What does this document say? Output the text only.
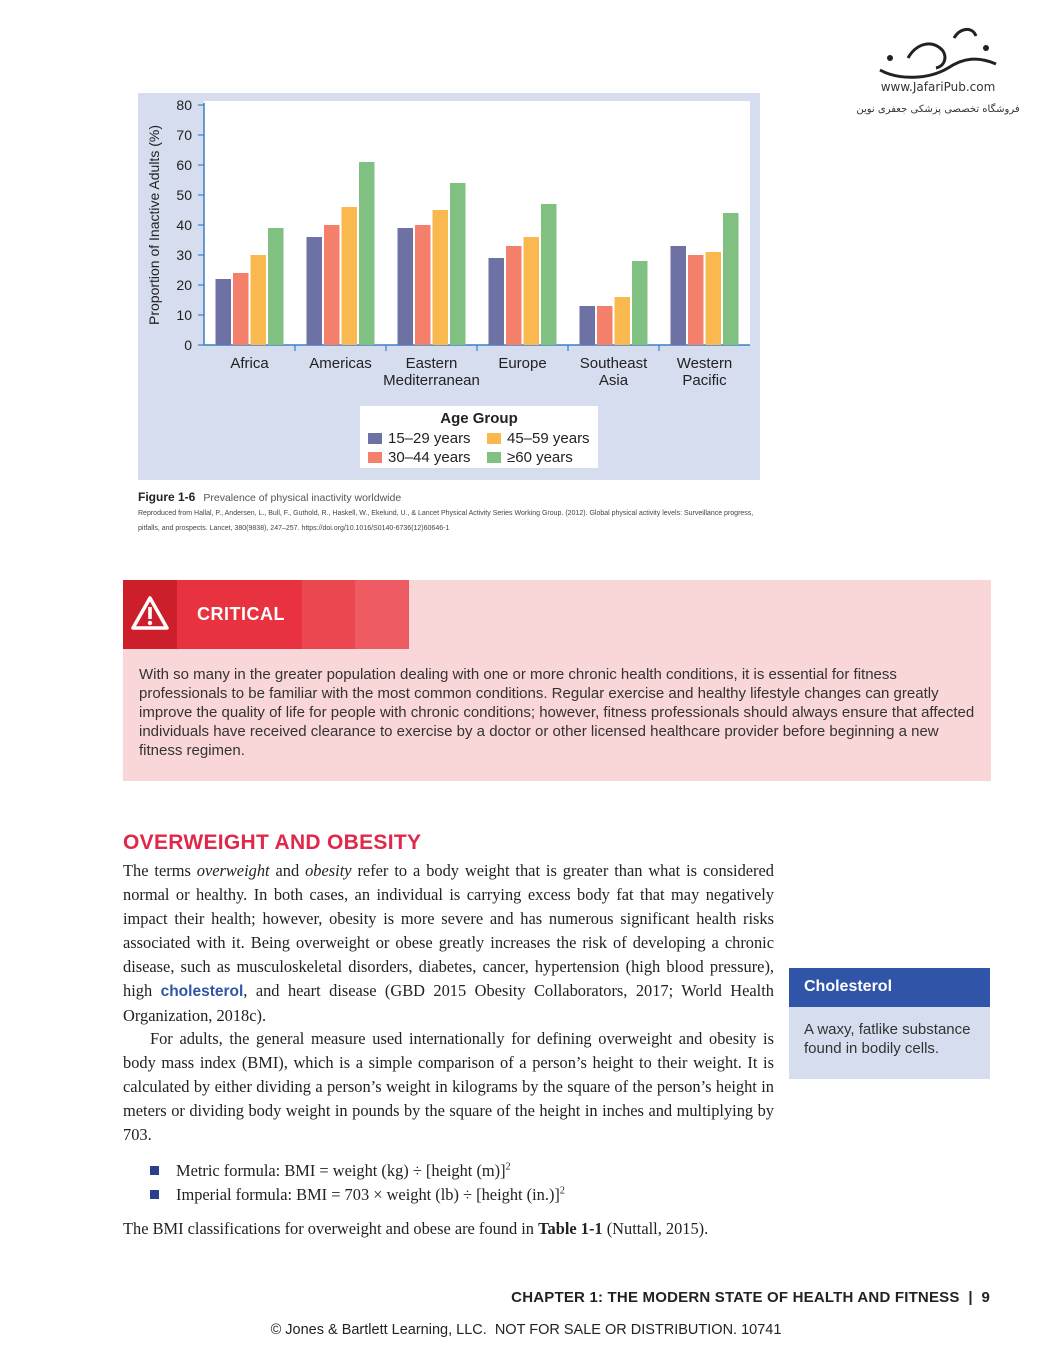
www.JafariPub.com
فروشگاه تخصصی پزشکی جعفری نوین
0
10
20
30
40
50
60
70
80
Proportion of Inactive Adults (%)
Africa	Americas Eastern
Mediterranean
Europe Southeast
Asia
Western
Pacific
Age Group
15–29 years
30–44 years
45–59 years
≥60 years
Figure 1-6 Prevalence of physical inactivity worldwide
Reproduced from Hallal, P., Andersen, L., Bull, F., Guthold, R., Haskell, W., Ekelund, U., & Lancet Physical Activity Series Working Group. (2012). Global physical activity levels: Surveillance progress, pitfalls, and prospects. Lancet, 380(9838), 247–257. https://doi.org/10.1016/S0140-6736(12)60646-1
CRITICAL
With so many in the greater population dealing with one or more chronic health conditions, it is essential for fitness professionals to be familiar with the most common conditions. Regular exercise and healthy lifestyle changes can greatly improve the quality of life for people with chronic conditions; however, fitness professionals should always ensure that affected individuals have received clearance to exercise by a doctor or other licensed healthcare provider before beginning a new fitness regimen.
OVERWEIGHT AND OBESITY
The terms overweight and obesity refer to a body weight that is greater than what is considered normal or healthy. In both cases, an individual is carrying excess body fat that may negatively impact their health; however, obesity is more severe and has numerous significant health risks associated with it. Being overweight or obese greatly increases the risk of developing a chronic disease, such as musculoskeletal disorders, diabetes, cancer, hypertension (high blood pressure), high cholesterol, and heart disease (GBD 2015 Obesity Collaborators, 2017; World Health Organization, 2018c).
For adults, the general measure used internationally for defining overweight and obesity is body mass index (BMI), which is a simple comparison of a person’s height to their weight. It is calculated by either dividing a person’s weight in kilograms by the square of the person’s height in meters or dividing body weight in pounds by the square of the height in inches and multiplying by 703.
Metric formula: BMI = weight (kg) ÷ [height (m)]$^2$
Imperial formula: BMI = 703 × weight (lb) ÷ [height (in.)]$^2$
The BMI classifications for overweight and obese are found in Table 1-1 (Nuttall, 2015).
Cholesterol
A waxy, fatlike substance found in bodily cells.
CHAPTER 1: THE MODERN STATE OF HEALTH AND FITNESS  |  9
© Jones & Bartlett Learning, LLC.  NOT FOR SALE OR DISTRIBUTION. 10741
